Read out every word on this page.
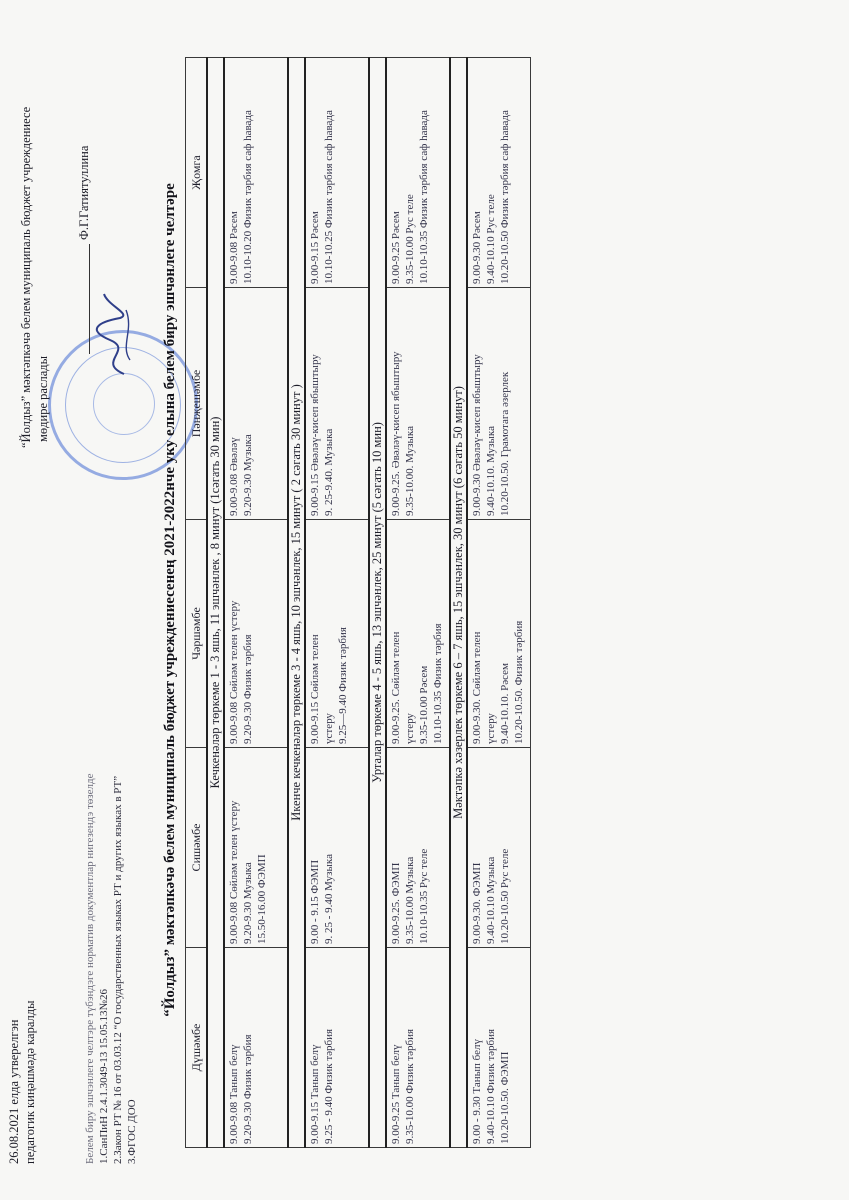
26.08.2021 елда утверелгэн педагогик киңәшмәдә каралды	Белем биру эшчэнлеге челтэре түбэндэге норматив документлар нигезендэ төзелде 1.СанПиН 2.4.1.3049-13 15.05.13№26 2.Закон РТ № 16 от 03.03.12 “О государственных языках РТ и других языках в РТ” 3.ФГОС ДОО
“Йолдыз” мәктәпкәчә белем муниципаль бюджет учреждениесе мөдире раслады
Ф.Г.Гатиятуллина	“Йолдыз” мәктәпкәчә белем муниципаль бюджет учреждениесенең 2021-2022нче уку елына белем биру эшчәнлеге челтәре
Дүшәмбе	Сишәмбе	Чәршәмбе	Пәнҗешәмбе	Җомга
Кечкенәләр төркеме 1 - 3 яшь, 11 эшчәнлек , 8 минут (1сәгать 30 мин)				

9.00-9.08 Танып белү 9.20-9.30 Физик тәрбия	9.00-9.08 Сөйләм телен үстеру 9.20-9.30 Музыка 15.50-16.00 ФЭМП	9.00-9.08 Сөйләм телен үстеру 9.20-9.30 Физик тәрбия	9.00-9.08 Әвәләү 9.20-9.30 Музыка	9.00-9.08 Рәсем 10.10-10.20 Физик тәрбия саф һавада

Икенче кечкенәләр төркеме 3 - 4 яшь, 10 эшчәнлек, 15 минут ( 2 сәгать 30 минут )				

9.00-9.15 Танып белү 9.25 - 9.40 Физик тәрбия	9.00 - 9.15 ФЭМП 9. 25 - 9.40 Музыка	9.00-9.15 Сөйләм телен үстеру 9.25—9.40 Физик тәрбия	9.00-9.15 Әвәләү-кисеп ябыштыру 9. 25-9.40. Музыка	9.00-9.15 Рәсем 10.10-10.25 Физик тәрбия саф һавада

Урталар төркеме 4 - 5 яшь, 13 эшчәнлек, 25 минут (5 сәгать 10 мин)				

9.00-9.25 Танып белү 9.35-10.00 Физик тәрбия	9.00-9.25. ФЭМП 9.35-10.00 Музыка 10.10-10.35 Рус теле	9.00-9.25. Сөйләм телен үстеру 9.35-10.00 Рәсем 10.10-10.35 Физик тәрбия	9.00-9.25. Әвәләү-кисеп ябыштыру 9.35-10.00. Музыка	9.00-9.25 Рәсем 9.35-10.00 Рус теле 10.10-10.35 Физик тәрбия саф һавада

Мәктәпкә хәзерлек төркеме 6 – 7 яшь, 15 эшчәнлек, 30 минут (6 сәгать 50 минут)				

9.00 - 9.30 Танып белү 9.40-10.10 Физик тәрбия 10.20-10.50. ФЭМП	9.00-9.30. ФЭМП 9.40-10.10 Музыка 10.20-10.50 Рус теле	9.00-9.30. Сөйләм телен үстеру 9.40-10.10. Рәсем 10.20-10.50. Физик тәрбия	9.00-9.30 Әвәләү-кисеп ябыштыру 9.40-10.10. Музыка 10.20-10.50. Грамотага әзерлек	9.00-9.30 Рәсем 9.40-10.10 Рус теле 10.20-10.50 Физик тәрбия саф һавада
